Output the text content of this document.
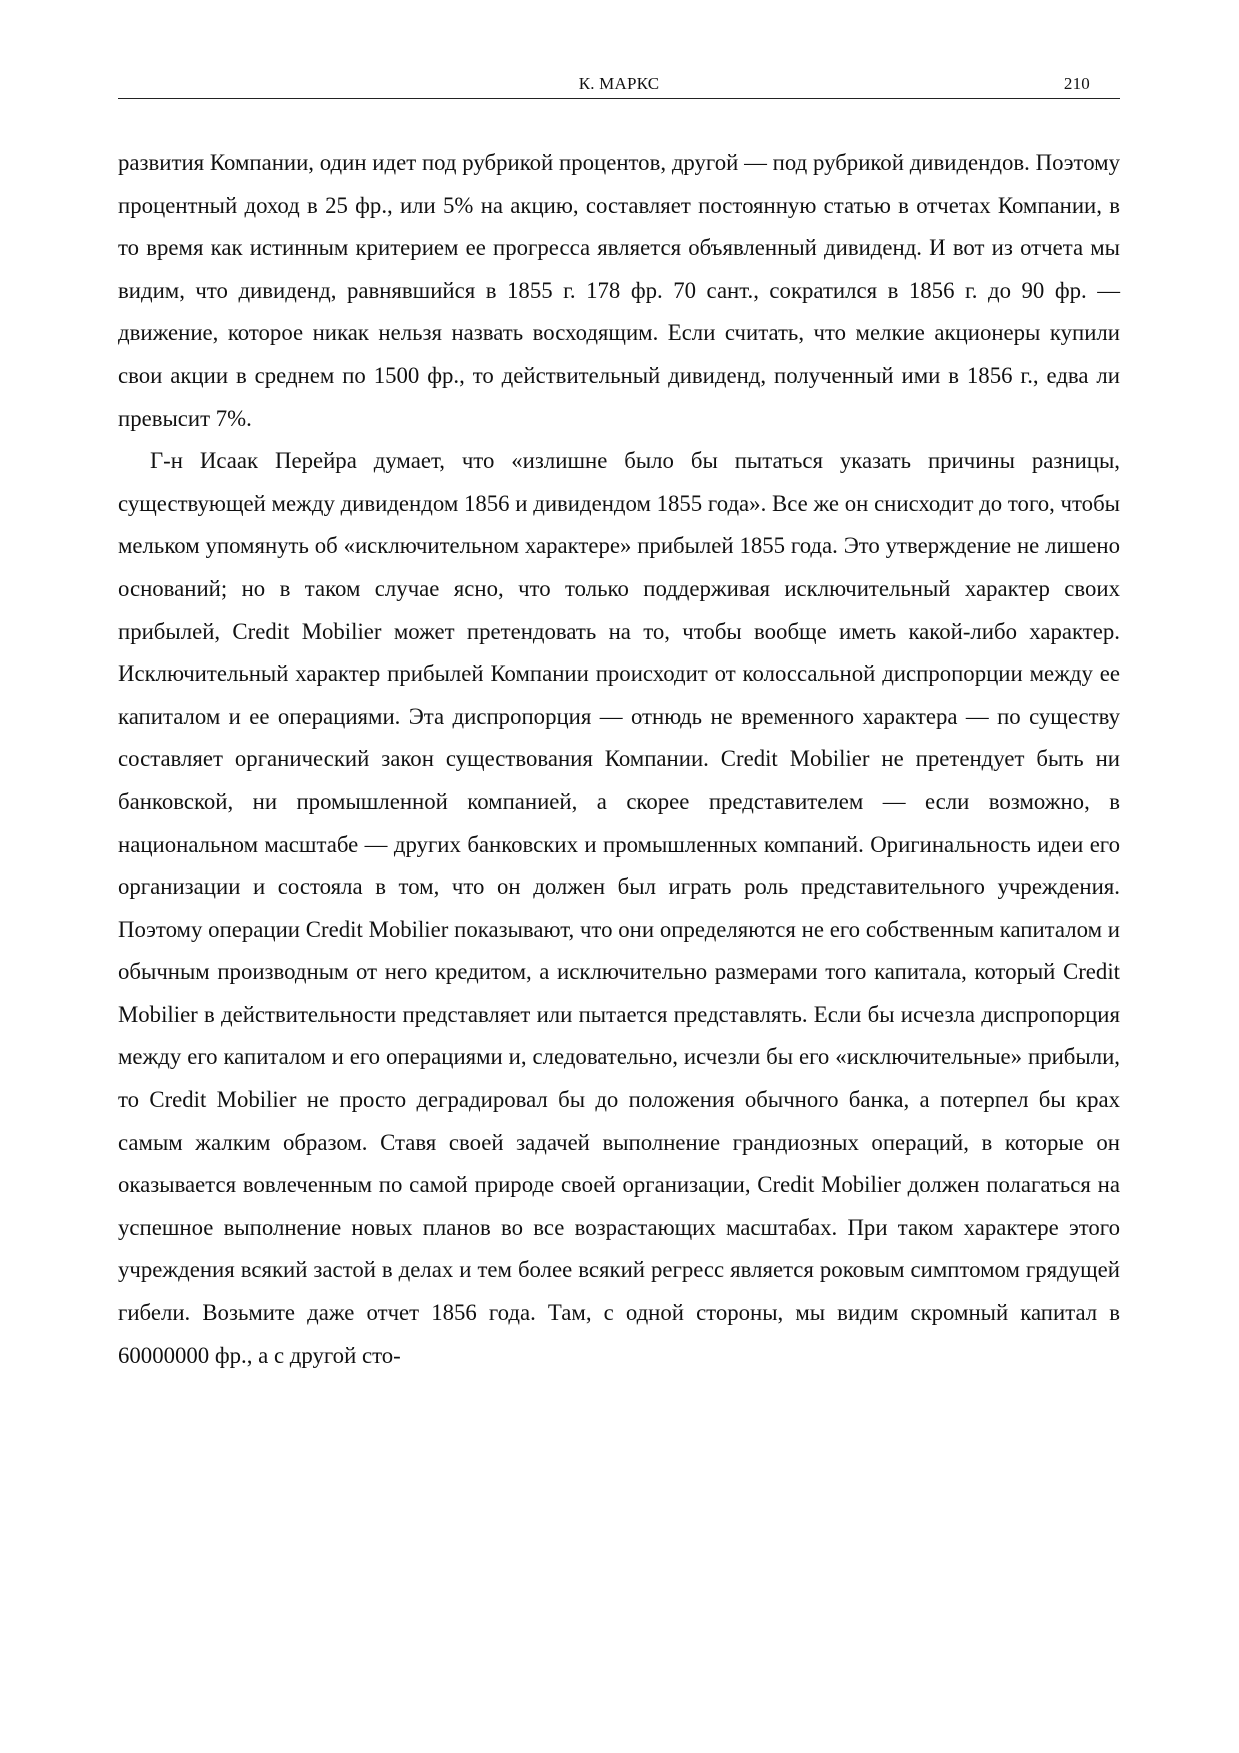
К. МАРКС	210

развития Компании, один идет под рубрикой процентов, другой — под рубрикой дивидендов. Поэтому процентный доход в 25 фр., или 5% на акцию, составляет постоянную статью в отчетах Компании, в то время как истинным критерием ее прогресса является объявленный дивиденд. И вот из отчета мы видим, что дивиденд, равнявшийся в 1855 г. 178 фр. 70 сант., сократился в 1856 г. до 90 фр. — движение, которое никак нельзя назвать восходящим. Если считать, что мелкие акционеры купили свои акции в среднем по 1500 фр., то действительный дивиденд, полученный ими в 1856 г., едва ли превысит 7%.

Г-н Исаак Перейра думает, что «излишне было бы пытаться указать причины разницы, существующей между дивидендом 1856 и дивидендом 1855 года». Все же он снисходит до того, чтобы мельком упомянуть об «исключительном характере» прибылей 1855 года. Это утверждение не лишено оснований; но в таком случае ясно, что только поддерживая исключительный характер своих прибылей, Credit Mobilier может претендовать на то, чтобы вообще иметь какой-либо характер. Исключительный характер прибылей Компании происходит от колоссальной диспропорции между ее капиталом и ее операциями. Эта диспропорция — отнюдь не временного характера — по существу составляет органический закон существования Компании. Credit Mobilier не претендует быть ни банковской, ни промышленной компанией, а скорее представителем — если возможно, в национальном масштабе — других банковских и промышленных компаний. Оригинальность идеи его организации и состояла в том, что он должен был играть роль представительного учреждения. Поэтому операции Credit Mobilier показывают, что они определяются не его собственным капиталом и обычным производным от него кредитом, а исключительно размерами того капитала, который Credit Mobilier в действительности представляет или пытается представлять. Если бы исчезла диспропорция между его капиталом и его операциями и, следовательно, исчезли бы его «исключительные» прибыли, то Credit Mobilier не просто деградировал бы до положения обычного банка, а потерпел бы крах самым жалким образом. Ставя своей задачей выполнение грандиозных операций, в которые он оказывается вовлеченным по самой природе своей организации, Credit Mobilier должен полагаться на успешное выполнение новых планов во все возрастающих масштабах. При таком характере этого учреждения всякий застой в делах и тем более всякий регресс является роковым симптомом грядущей гибели. Возьмите даже отчет 1856 года. Там, с одной стороны, мы видим скромный капитал в 60000000 фр., а с другой сто-
